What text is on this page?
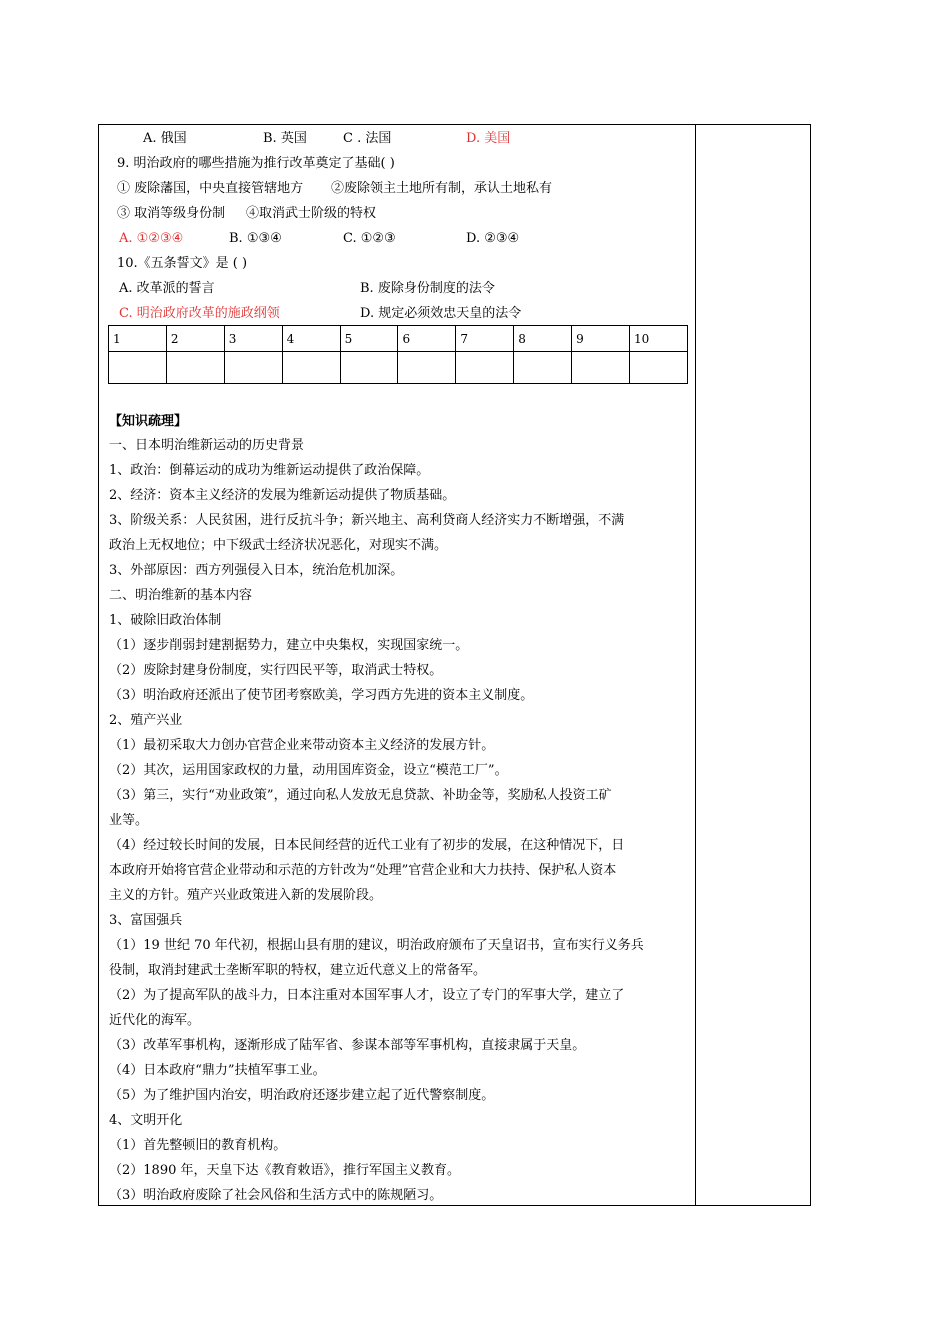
A. 俄国	B. 英国	C . 法国	D. 美国
9. 明治政府的哪些措施为推行改革奠定了基础( )
① 废除藩国，中央直接管辖地方 ②废除领主土地所有制，承认土地私有
③ 取消等级身份制 ④取消武士阶级的特权
A. ①②③④	B. ①③④	C. ①②③	D. ②③④
10.《五条誓文》是 ( )
A. 改革派的誓言	B. 废除身份制度的法令
C. 明治政府改革的施政纲领	D. 规定必须效忠天皇的法令
1	2	3	4	5	6	7	8	9	10

【知识疏理】
一、日本明治维新运动的历史背景
1、政治：倒幕运动的成功为维新运动提供了政治保障。
2、经济：资本主义经济的发展为维新运动提供了物质基础。
3、阶级关系：人民贫困，进行反抗斗争；新兴地主、高利贷商人经济实力不断增强，不满
政治上无权地位；中下级武士经济状况恶化，对现实不满。
3、外部原因：西方列强侵入日本，统治危机加深。
二、明治维新的基本内容
1、破除旧政治体制
（1）逐步削弱封建割据势力，建立中央集权，实现国家统一。
（2）废除封建身份制度，实行四民平等，取消武士特权。
（3）明治政府还派出了使节团考察欧美，学习西方先进的资本主义制度。
2、殖产兴业
（1）最初采取大力创办官营企业来带动资本主义经济的发展方针。
（2）其次，运用国家政权的力量，动用国库资金，设立“模范工厂”。
（3）第三，实行“劝业政策”，通过向私人发放无息贷款、补助金等，奖励私人投资工矿
业等。
（4）经过较长时间的发展，日本民间经营的近代工业有了初步的发展，在这种情况下，日
本政府开始将官营企业带动和示范的方针改为“处理”官营企业和大力扶持、保护私人资本
主义的方针。殖产兴业政策进入新的发展阶段。
3、富国强兵
（1）19 世纪 70 年代初，根据山县有朋的建议，明治政府颁布了天皇诏书，宣布实行义务兵
役制，取消封建武士垄断军职的特权，建立近代意义上的常备军。
（2）为了提高军队的战斗力，日本注重对本国军事人才，设立了专门的军事大学，建立了
近代化的海军。
（3）改革军事机构，逐渐形成了陆军省、参谋本部等军事机构，直接隶属于天皇。
（4）日本政府“鼎力”扶植军事工业。
（5）为了维护国内治安，明治政府还逐步建立起了近代警察制度。
4、文明开化
（1）首先整顿旧的教育机构。
（2）1890 年，天皇下达《教育敕语》，推行军国主义教育。
（3）明治政府废除了社会风俗和生活方式中的陈规陋习。
